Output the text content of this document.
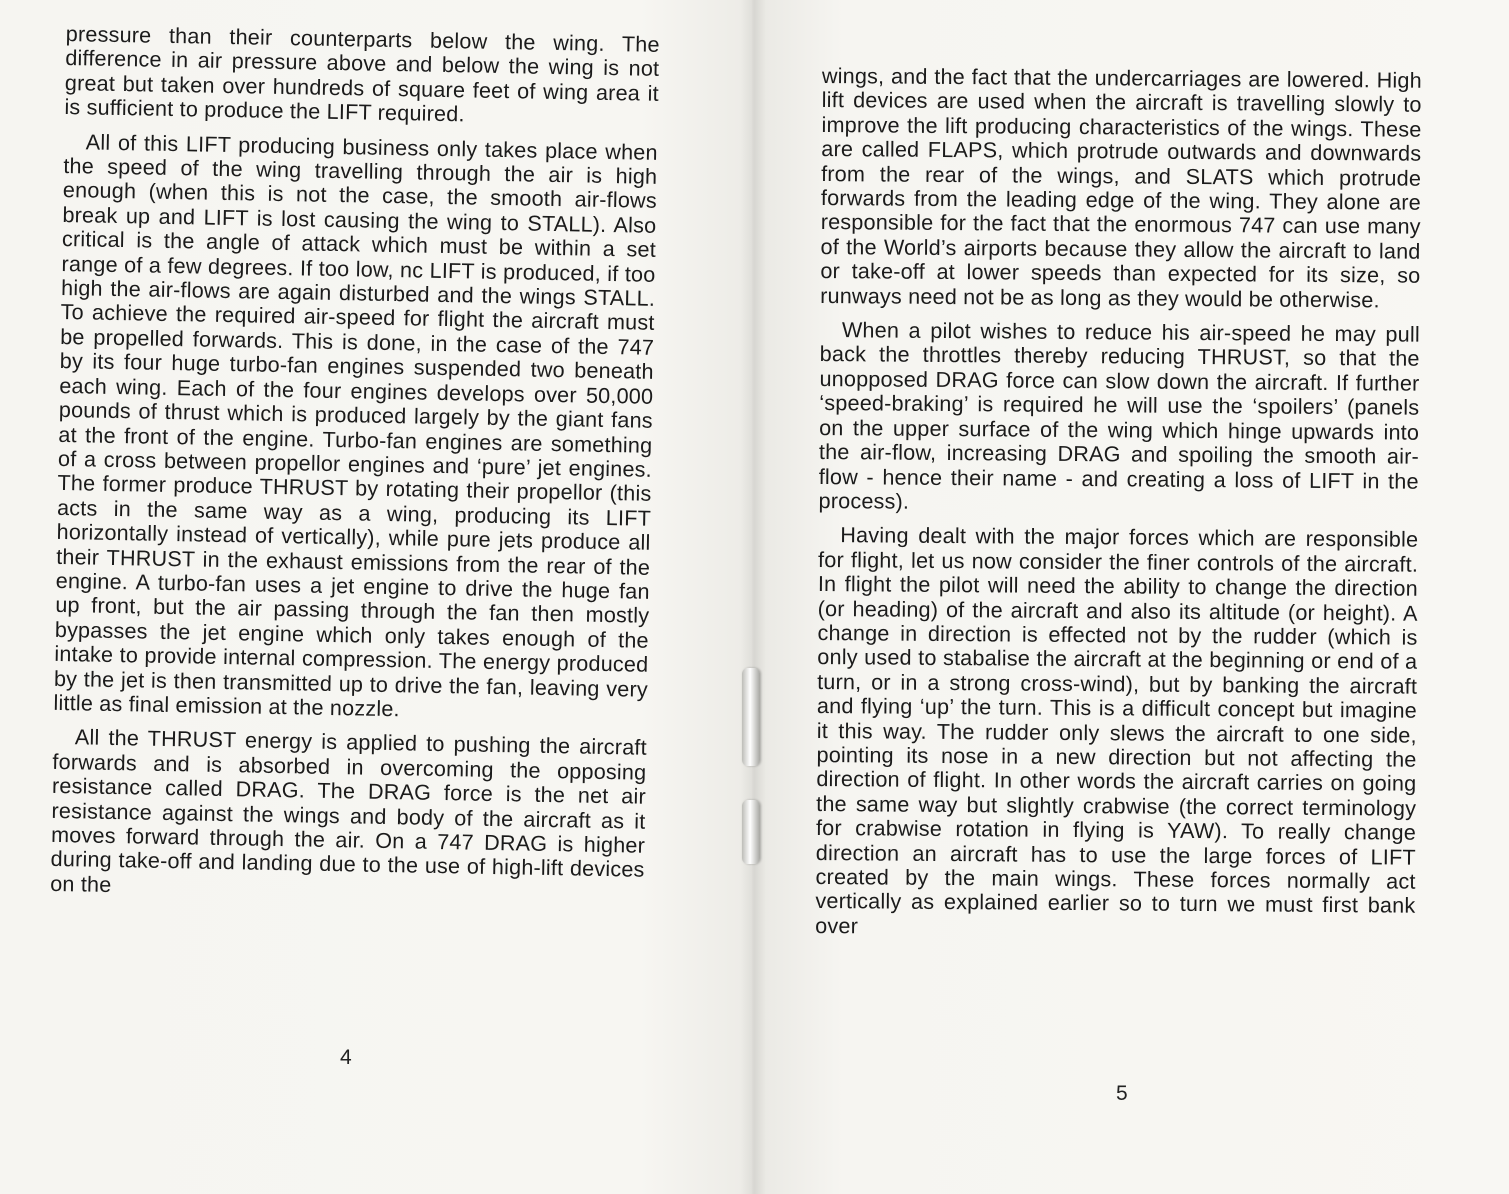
pressure than their counterparts below the wing. The difference in air pressure above and below the wing is not great but taken over hundreds of square feet of wing area it is sufficient to produce the LIFT required.

All of this LIFT producing business only takes place when the speed of the wing travelling through the air is high enough (when this is not the case, the smooth air-flows break up and LIFT is lost causing the wing to STALL). Also critical is the angle of attack which must be within a set range of a few degrees. If too low, nc LIFT is produced, if too high the air-flows are again disturbed and the wings STALL. To achieve the required air-speed for flight the aircraft must be propelled forwards. This is done, in the case of the 747 by its four huge turbo-fan engines suspended two beneath each wing. Each of the four engines develops over 50,000 pounds of thrust which is produced largely by the giant fans at the front of the engine. Turbo-fan engines are something of a cross between propellor engines and ‘pure’ jet engines. The former produce THRUST by rotating their propellor (this acts in the same way as a wing, producing its LIFT horizontally instead of vertically), while pure jets produce all their THRUST in the exhaust emissions from the rear of the engine. A turbo-fan uses a jet engine to drive the huge fan up front, but the air passing through the fan then mostly bypasses the jet engine which only takes enough of the intake to provide internal compression. The energy produced by the jet is then transmitted up to drive the fan, leaving very little as final emission at the nozzle.

All the THRUST energy is applied to pushing the aircraft forwards and is absorbed in overcoming the opposing resistance called DRAG. The DRAG force is the net air resistance against the wings and body of the aircraft as it moves forward through the air. On a 747 DRAG is higher during take-off and landing due to the use of high-lift devices on the

4

wings, and the fact that the undercarriages are lowered. High lift devices are used when the aircraft is travelling slowly to improve the lift producing characteristics of the wings. These are called FLAPS, which protrude outwards and downwards from the rear of the wings, and SLATS which protrude forwards from the leading edge of the wing. They alone are responsible for the fact that the enormous 747 can use many of the World’s airports because they allow the aircraft to land or take-off at lower speeds than expected for its size, so runways need not be as long as they would be otherwise.

When a pilot wishes to reduce his air-speed he may pull back the throttles thereby reducing THRUST, so that the unopposed DRAG force can slow down the aircraft. If further ‘speed-braking’ is required he will use the ‘spoilers’ (panels on the upper surface of the wing which hinge upwards into the air-flow, increasing DRAG and spoiling the smooth air-flow - hence their name - and creating a loss of LIFT in the process).

Having dealt with the major forces which are responsible for flight, let us now consider the finer controls of the aircraft. In flight the pilot will need the ability to change the direction (or heading) of the aircraft and also its altitude (or height). A change in direction is effected not by the rudder (which is only used to stabalise the aircraft at the beginning or end of a turn, or in a strong cross-wind), but by banking the aircraft and flying ‘up’ the turn. This is a difficult concept but imagine it this way. The rudder only slews the aircraft to one side, pointing its nose in a new direction but not affecting the direction of flight. In other words the aircraft carries on going the same way but slightly crabwise (the correct terminology for crabwise rotation in flying is YAW). To really change direction an aircraft has to use the large forces of LIFT created by the main wings. These forces normally act vertically as explained earlier so to turn we must first bank over

5
